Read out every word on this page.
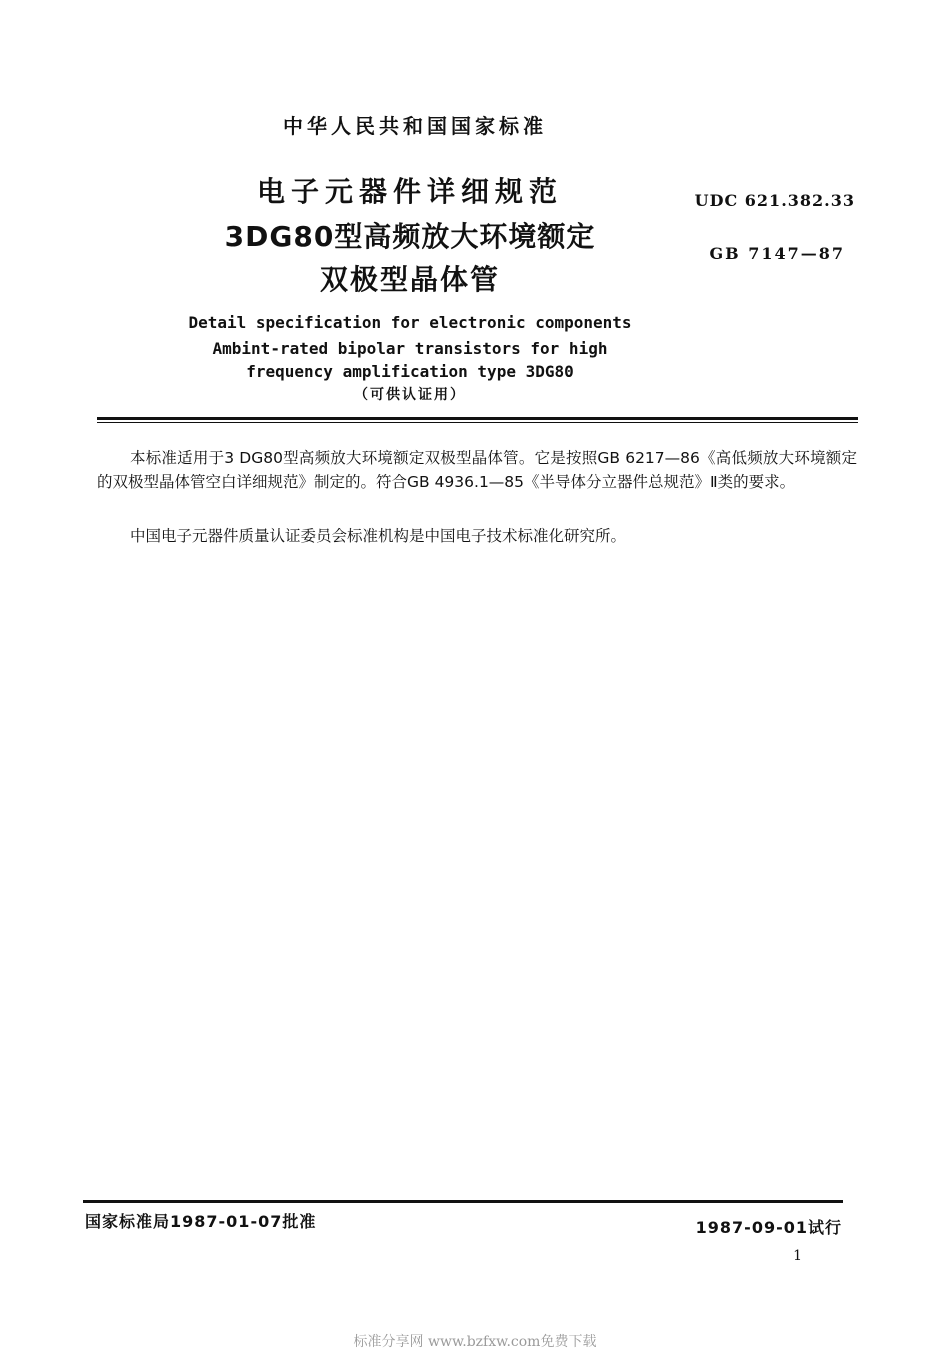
中华人民共和国国家标准
电子元器件详细规范
3DG80型高频放大环境额定
双极型晶体管
UDC 621.382.33
GB 7147—87
Detail specification for electronic components
Ambint-rated bipolar transistors for high
frequency amplification type 3DG80
（可供认证用）
本标准适用于3 DG80型高频放大环境额定双极型晶体管。它是按照GB 6217—86《高低频放大环境额定的双极型晶体管空白详细规范》制定的。符合GB 4936.1—85《半导体分立器件总规范》Ⅱ类的要求。
中国电子元器件质量认证委员会标准机构是中国电子技术标准化研究所。
国家标准局1987-01-07批准	1987-09-01试行
1
标准分享网 www.bzfxw.com免费下载
